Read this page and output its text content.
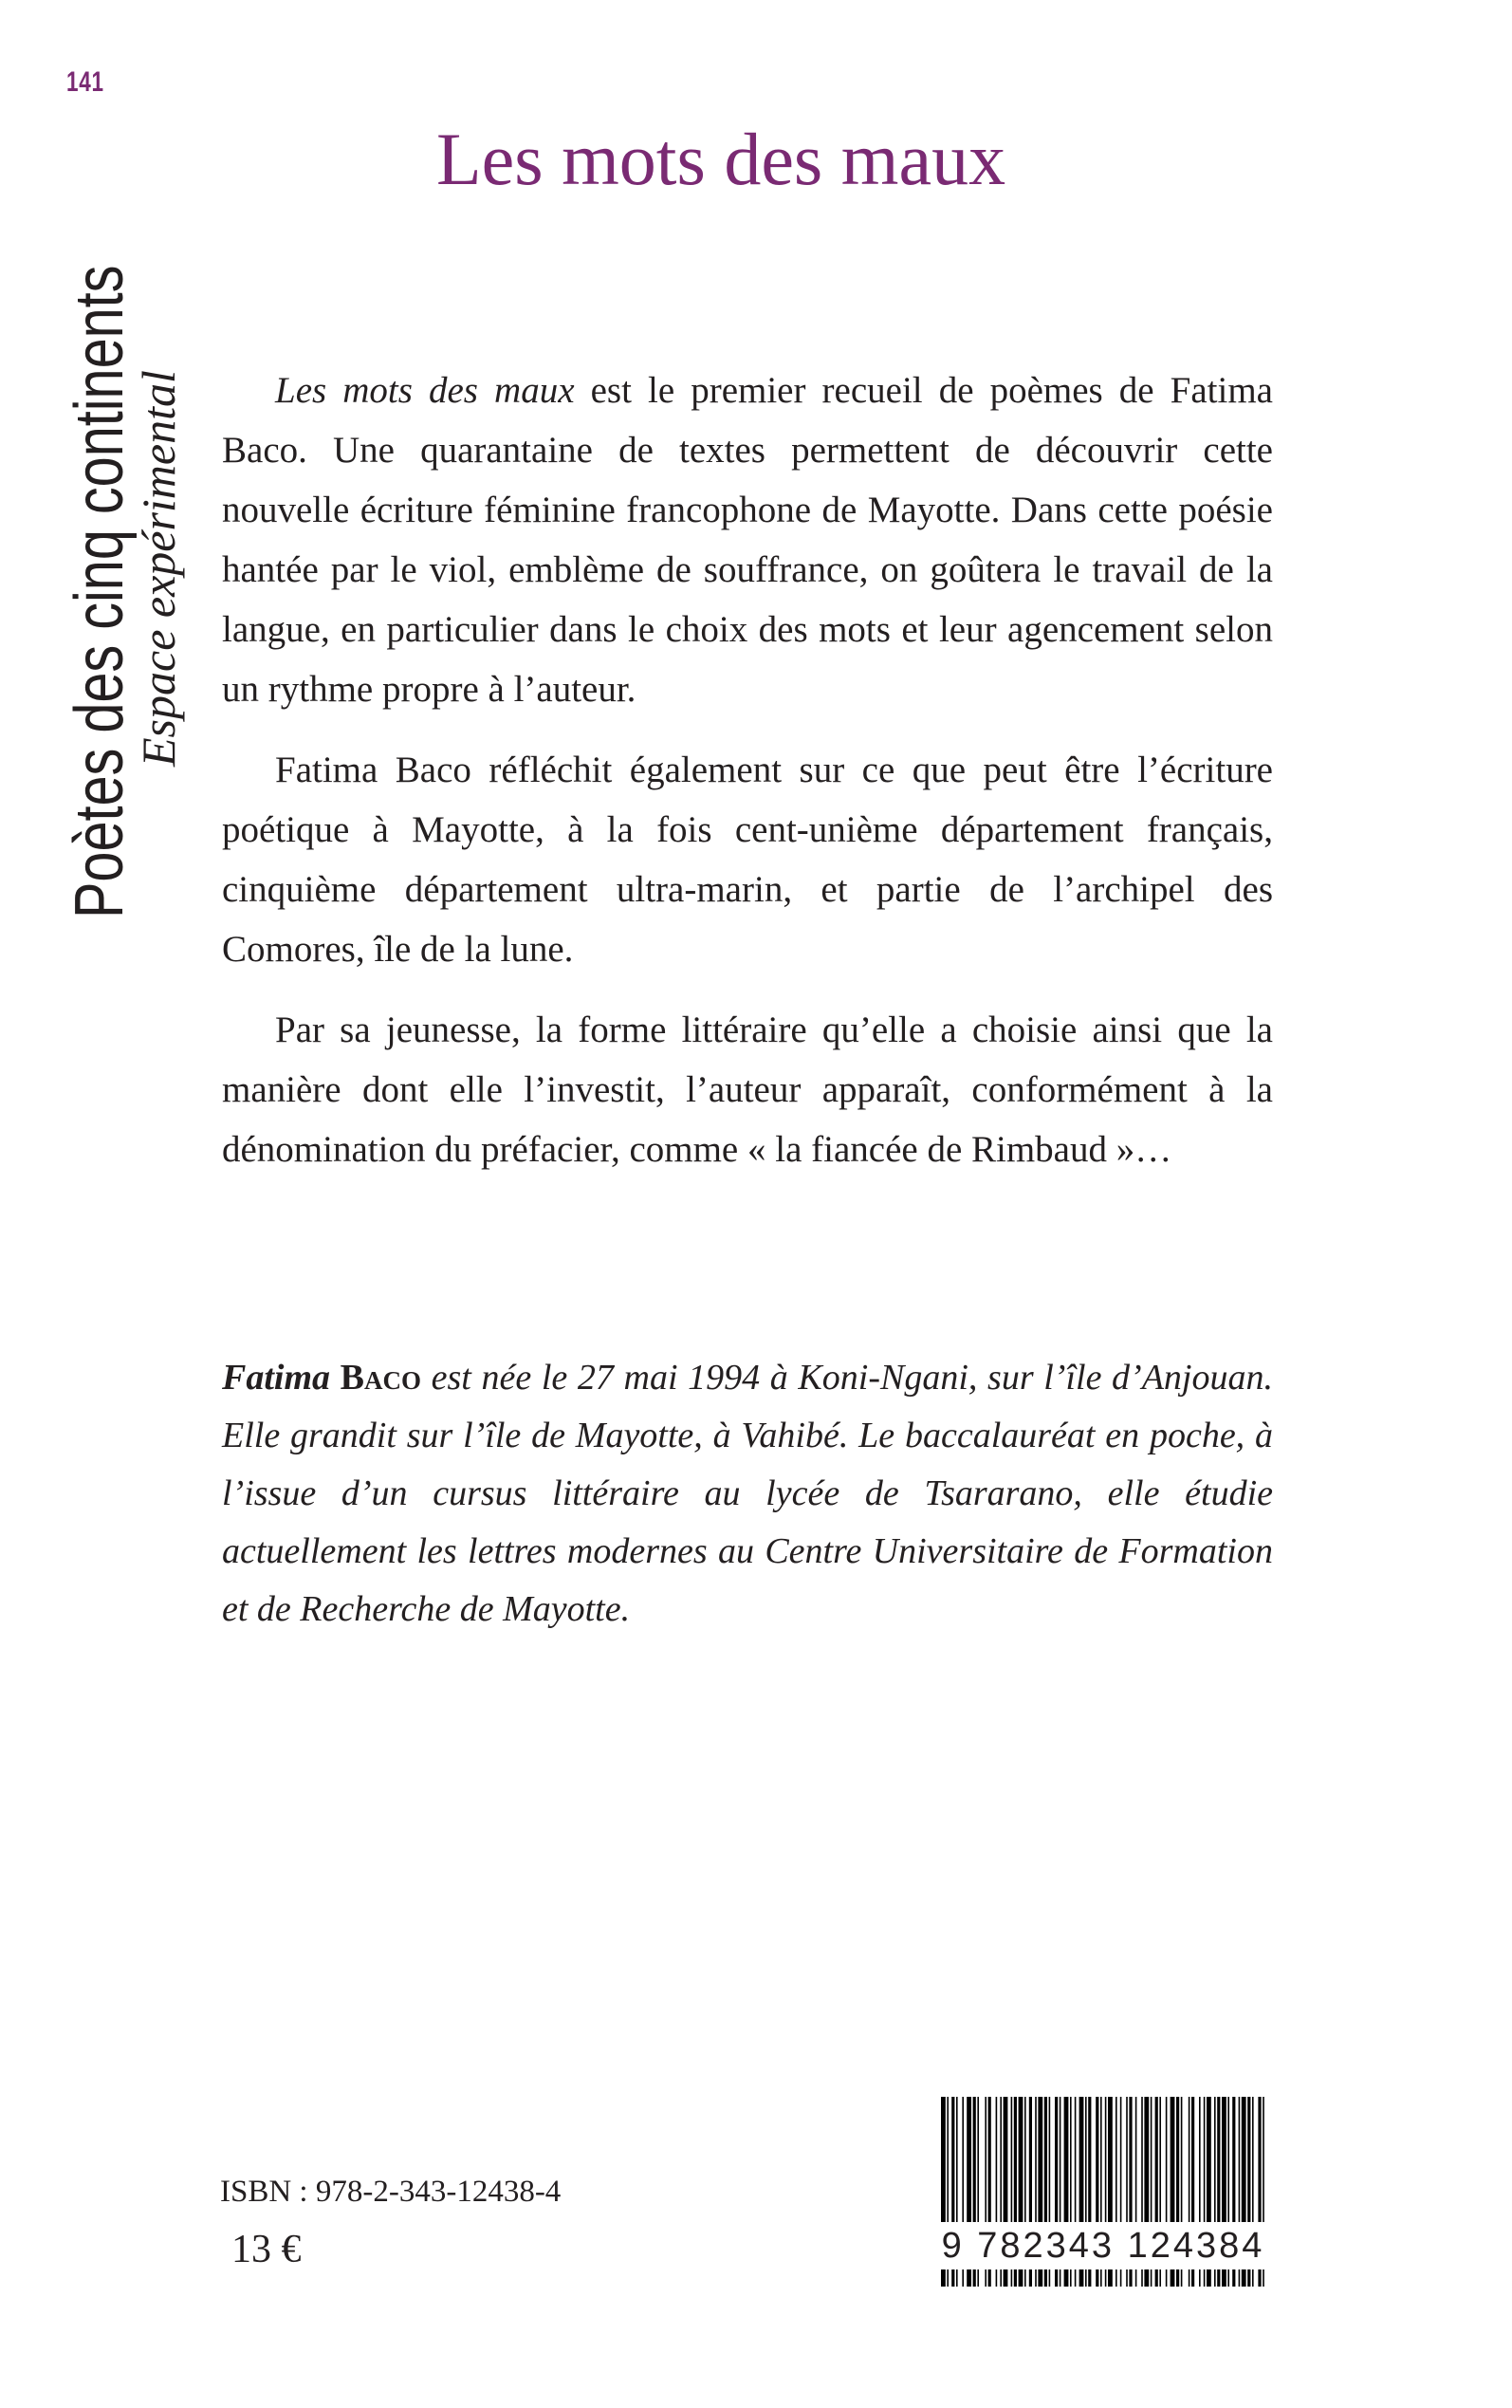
141
Poètes des cinq continents
Espace expérimental
Les mots des maux

Les mots des maux est le premier recueil de poèmes de Fatima Baco. Une quarantaine de textes permettent de découvrir cette nouvelle écriture féminine francophone de Mayotte. Dans cette poésie hantée par le viol, emblème de souffrance, on goûtera le travail de la langue, en particulier dans le choix des mots et leur agencement selon un rythme propre à l’auteur.

Fatima Baco réfléchit également sur ce que peut être l’écriture poétique à Mayotte, à la fois cent-unième département français, cinquième département ultra-marin, et partie de l’archipel des Comores, île de la lune.

Par sa jeunesse, la forme littéraire qu’elle a choisie ainsi que la manière dont elle l’investit, l’auteur apparaît, conformément à la dénomination du préfacier, comme « la fiancée de Rimbaud »…

Fatima Baco est née le 27 mai 1994 à Koni-Ngani, sur l’île d’Anjouan. Elle grandit sur l’île de Mayotte, à Vahibé. Le baccalauréat en poche, à l’issue d’un cursus littéraire au lycée de Tsararano, elle étudie actuellement les lettres modernes au Centre Universitaire de Formation et de Recherche de Mayotte.
ISBN : 978-2-343-12438-4
13 €	9 782343 124384
